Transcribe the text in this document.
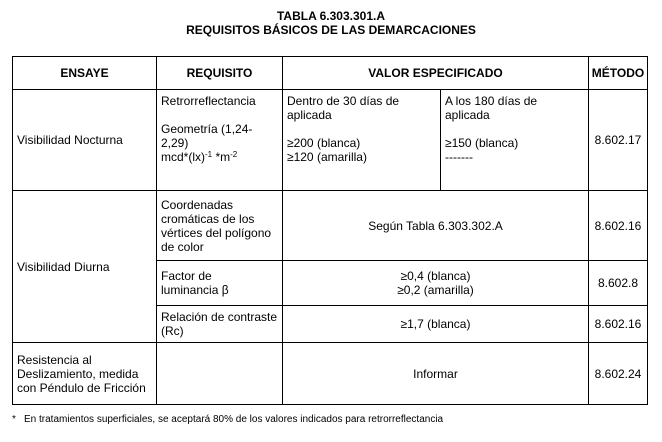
TABLA 6.303.301.A
REQUISITOS BÁSICOS DE LAS DEMARCACIONES
ENSAYE	REQUISITO	VALOR ESPECIFICADO		MÉTODO
Visibilidad Nocturna	Retrorreflectancia
Geometría (1,24-
2,29)
mcd*(lx)$^{-1}$ $*m^{-2}$	Dentro de 30 días de aplicada
≥200 (blanca)
≥120 (amarilla)	A los 180 días de aplicada
≥150 (blanca)
-------	8.602.17
Visibilidad Diurna	Coordenadas cromáticas de los vértices del polígono de color	Según Tabla 6.303.302.A		8.602.16

	Factor de
luminancia β	≥0,4 (blanca)
≥0,2 (amarilla)		8.602.8
	Relación de contraste (Rc)	≥1,7 (blanca)		8.602.16
Resistencia al Deslizamiento, medida con Péndulo de Fricción		Informar		8.602.24
* En tratamientos superficiales, se aceptará 80% de los valores indicados para retrorreflectancia
